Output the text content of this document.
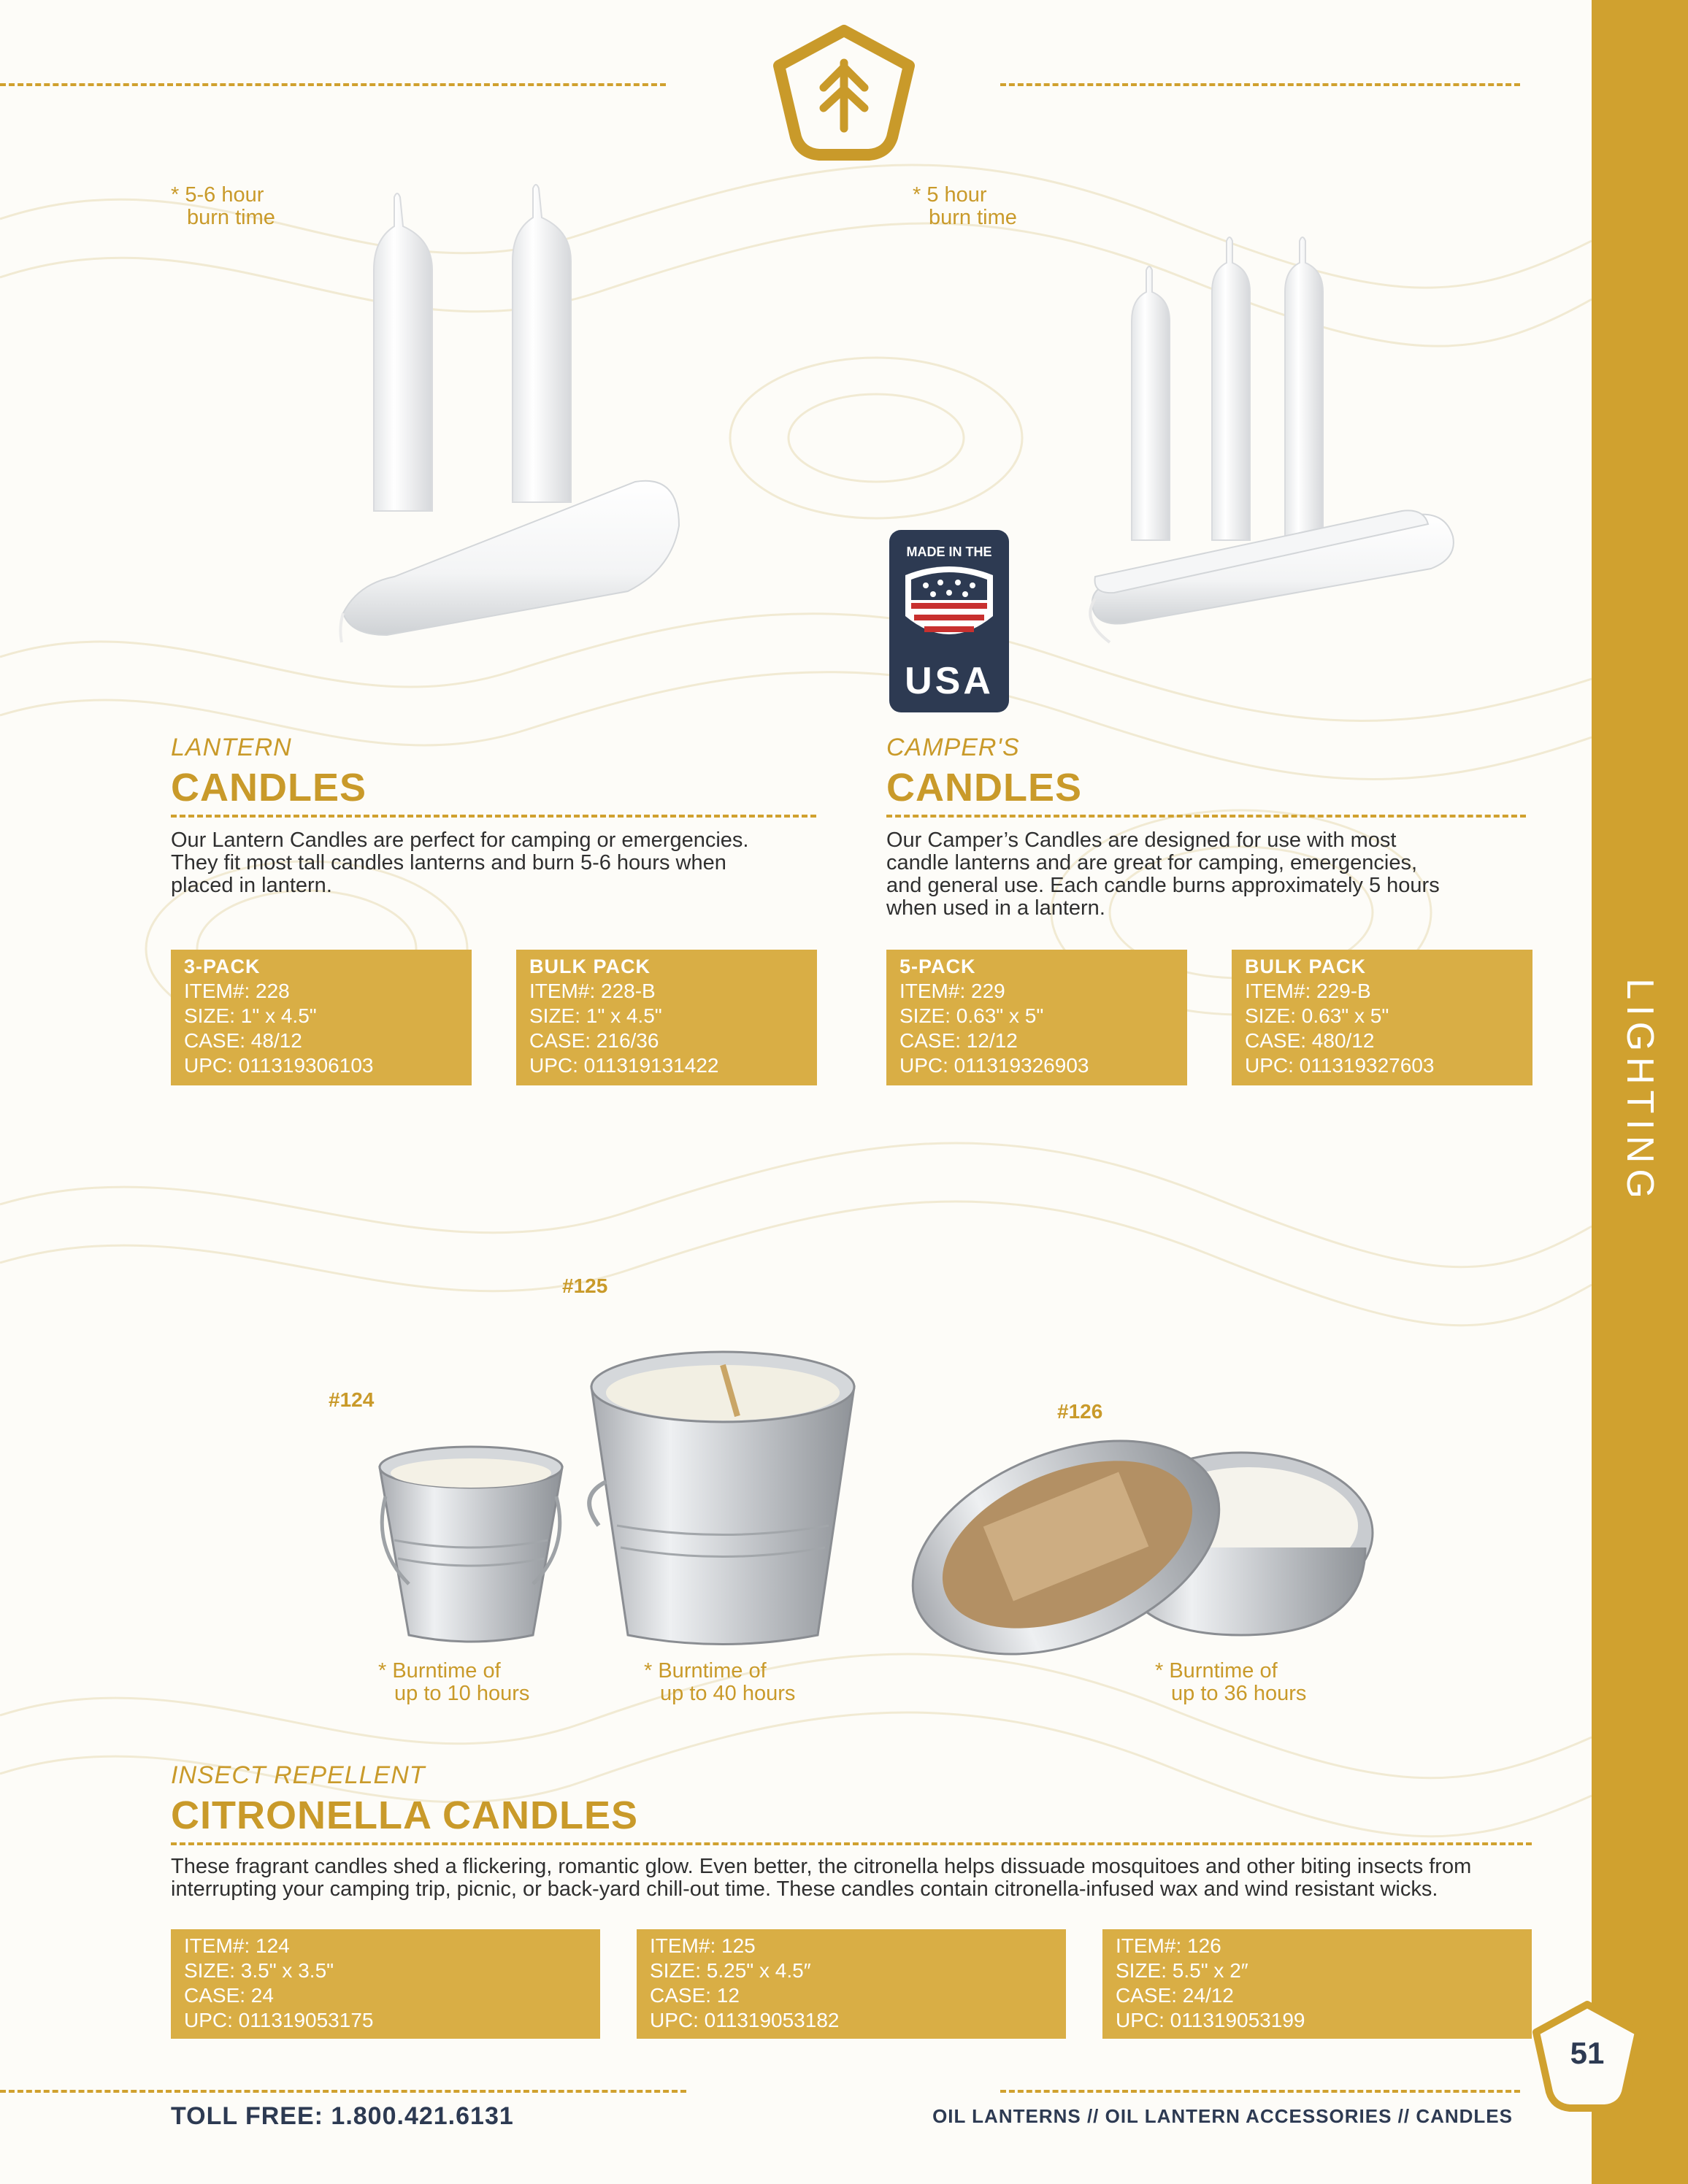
LIGHTING
* 5-6 hour
burn time
LANTERN
CANDLES
Our Lantern Candles are perfect for camping or emergencies.
They fit most tall candles lanterns and burn 5-6 hours when
placed in lantern.
3-PACK
ITEM#: 228
SIZE: 1" x 4.5"
CASE: 48/12
UPC: 011319306103
BULK PACK
ITEM#: 228-B
SIZE: 1" x 4.5"
CASE: 216/36
UPC: 011319131422
* 5 hour
burn time
MADE IN THE
USA
CAMPER'S
CANDLES
Our Camper’s Candles are designed for use with most
candle lanterns and are great for camping, emergencies,
and general use. Each candle burns approximately 5 hours
when used in a lantern.
5-PACK
ITEM#: 229
SIZE: 0.63" x 5"
CASE: 12/12
UPC: 011319326903
BULK PACK
ITEM#: 229-B
SIZE: 0.63" x 5"
CASE: 480/12
UPC: 011319327603
#125
#124
#126
* Burntime of
up to 10 hours
* Burntime of
up to 40 hours
* Burntime of
up to 36 hours
INSECT REPELLENT
CITRONELLA CANDLES
These fragrant candles shed a flickering, romantic glow. Even better, the citronella helps dissuade mosquitoes and other biting insects from
interrupting your camping trip, picnic, or back-yard chill-out time. These candles contain citronella-infused wax and wind resistant wicks.
ITEM#: 124
SIZE: 3.5" x 3.5"
CASE: 24
UPC: 011319053175
ITEM#: 125
SIZE: 5.25" x 4.5″
CASE: 12
UPC: 011319053182
ITEM#: 126
SIZE: 5.5" x 2″
CASE: 24/12
UPC: 011319053199
TOLL FREE: 1.800.421.6131	OIL LANTERNS // OIL LANTERN ACCESSORIES // CANDLES
51
